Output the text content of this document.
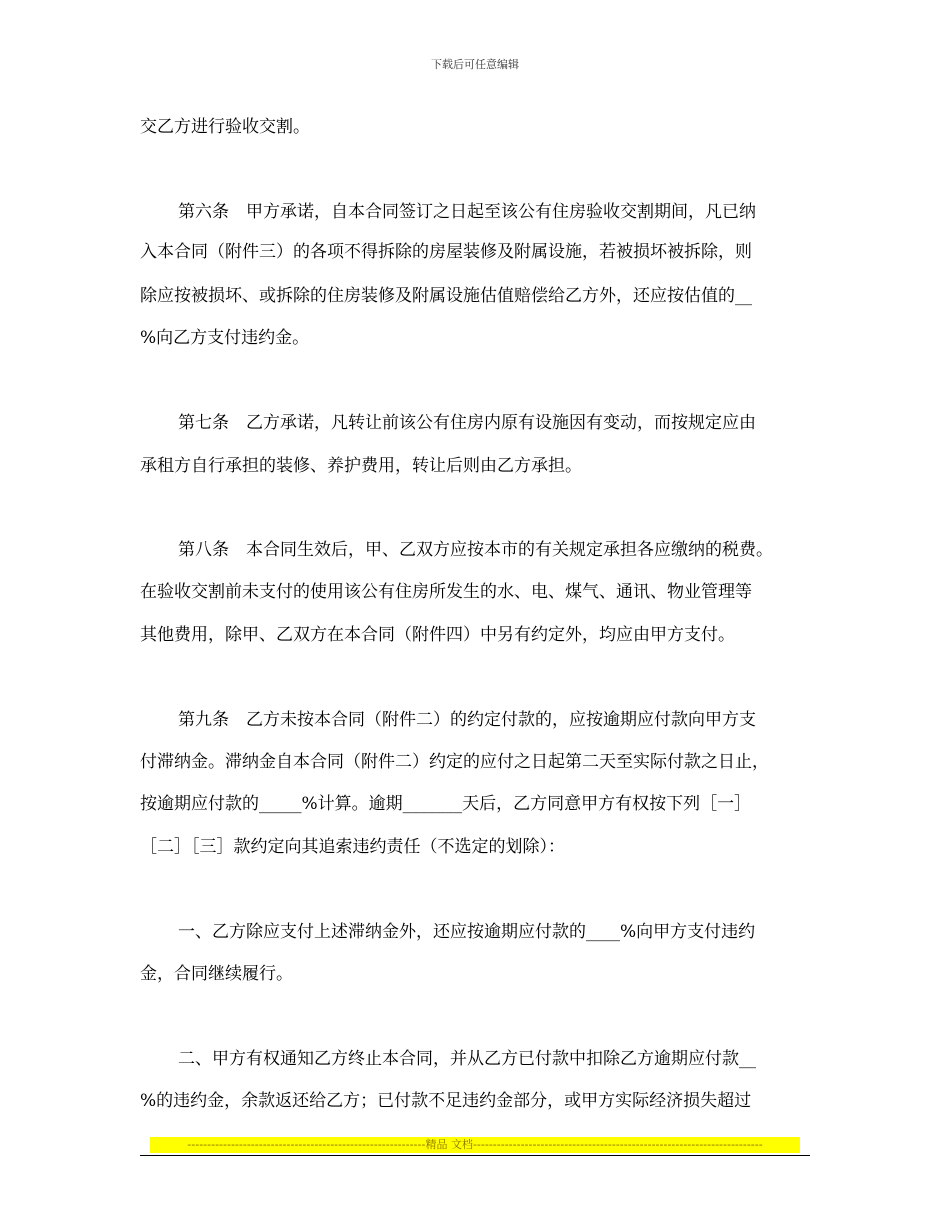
下载后可任意编辑
交乙方进行验收交割。
第六条　甲方承诺，自本合同签订之日起至该公有住房验收交割期间，凡已纳
入本合同（附件三）的各项不得拆除的房屋装修及附属设施，若被损坏被拆除，则
除应按被损坏、或拆除的住房装修及附属设施估值赔偿给乙方外，还应按估值的__
%向乙方支付违约金。
第七条　乙方承诺，凡转让前该公有住房内原有设施因有变动，而按规定应由
承租方自行承担的装修、养护费用，转让后则由乙方承担。
第八条　本合同生效后，甲、乙双方应按本市的有关规定承担各应缴纳的税费。
在验收交割前未支付的使用该公有住房所发生的水、电、煤气、通讯、物业管理等
其他费用，除甲、乙双方在本合同（附件四）中另有约定外，均应由甲方支付。
第九条　乙方未按本合同（附件二）的约定付款的，应按逾期应付款向甲方支
付滞纳金。滞纳金自本合同（附件二）约定的应付之日起第二天至实际付款之日止，
按逾期应付款的_____%计算。逾期_______天后，乙方同意甲方有权按下列［一］
［二］［三］款约定向其追索违约责任（不选定的划除）：
一、乙方除应支付上述滞纳金外，还应按逾期应付款的____%向甲方支付违约
金，合同继续履行。
二、甲方有权通知乙方终止本合同，并从乙方已付款中扣除乙方逾期应付款__
%的违约金，余款返还给乙方；已付款不足违约金部分，或甲方实际经济损失超过
------------------------------------------------------------精品 文档-------------------------------------------------------------------------
